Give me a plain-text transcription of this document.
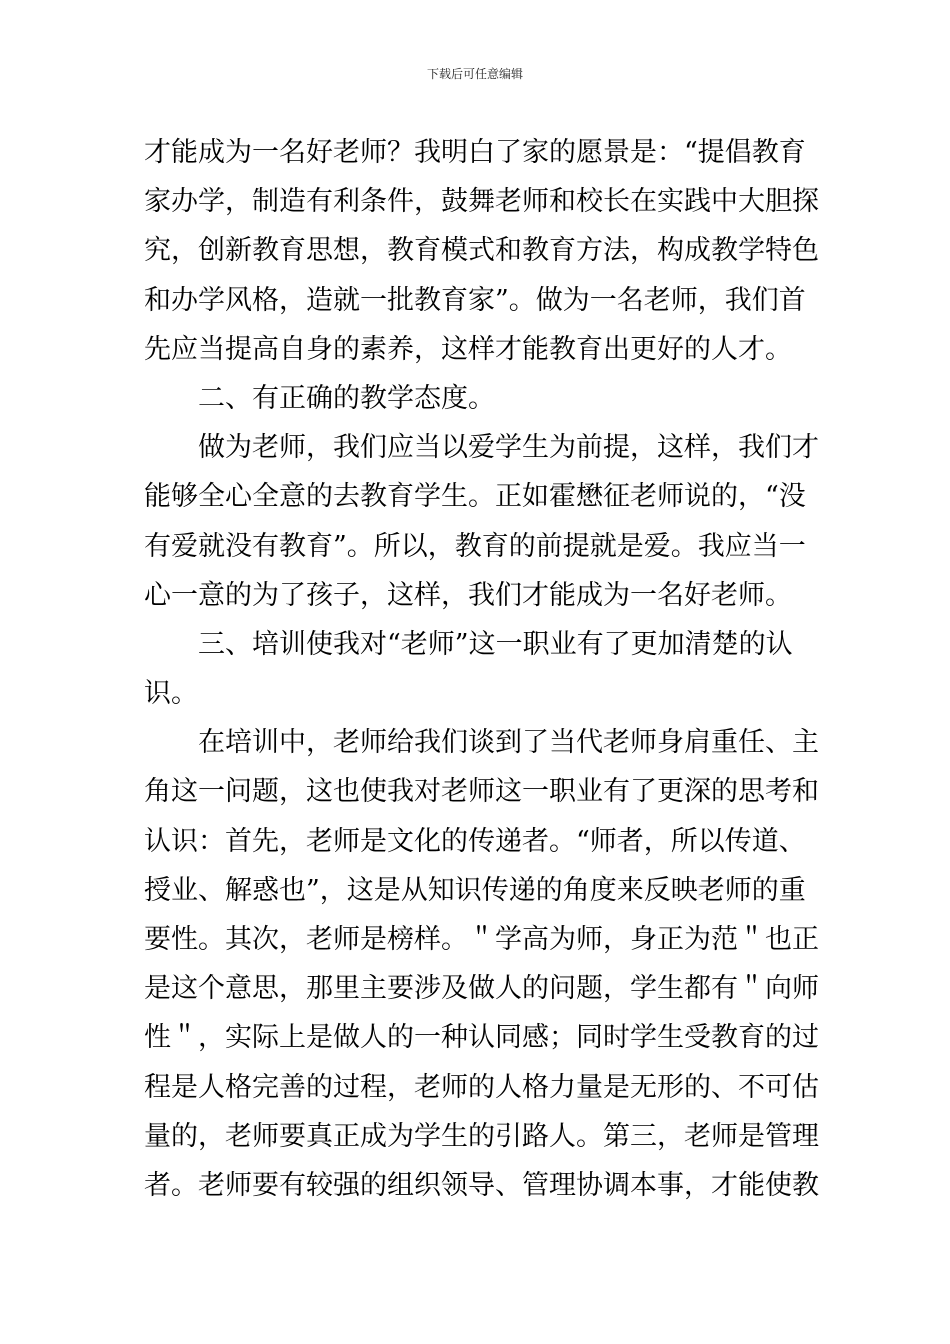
下载后可任意编辑
才能成为一名好老师？我明白了家的愿景是：“提倡教育
家办学，制造有利条件，鼓舞老师和校长在实践中大胆探
究，创新教育思想，教育模式和教育方法，构成教学特色
和办学风格，造就一批教育家”。做为一名老师，我们首
先应当提高自身的素养，这样才能教育出更好的人才。
二、有正确的教学态度。
做为老师，我们应当以爱学生为前提，这样，我们才
能够全心全意的去教育学生。正如霍懋征老师说的，“没
有爱就没有教育”。所以，教育的前提就是爱。我应当一
心一意的为了孩子，这样，我们才能成为一名好老师。
三、培训使我对“老师”这一职业有了更加清楚的认
识。
在培训中，老师给我们谈到了当代老师身肩重任、主
角这一问题，这也使我对老师这一职业有了更深的思考和
认识：首先，老师是文化的传递者。“师者，所以传道、
授业、解惑也”，这是从知识传递的角度来反映老师的重
要性。其次，老师是榜样。＂学高为师，身正为范＂也正
是这个意思，那里主要涉及做人的问题，学生都有＂向师
性＂，实际上是做人的一种认同感；同时学生受教育的过
程是人格完善的过程，老师的人格力量是无形的、不可估
量的，老师要真正成为学生的引路人。第三，老师是管理
者。老师要有较强的组织领导、管理协调本事，才能使教
